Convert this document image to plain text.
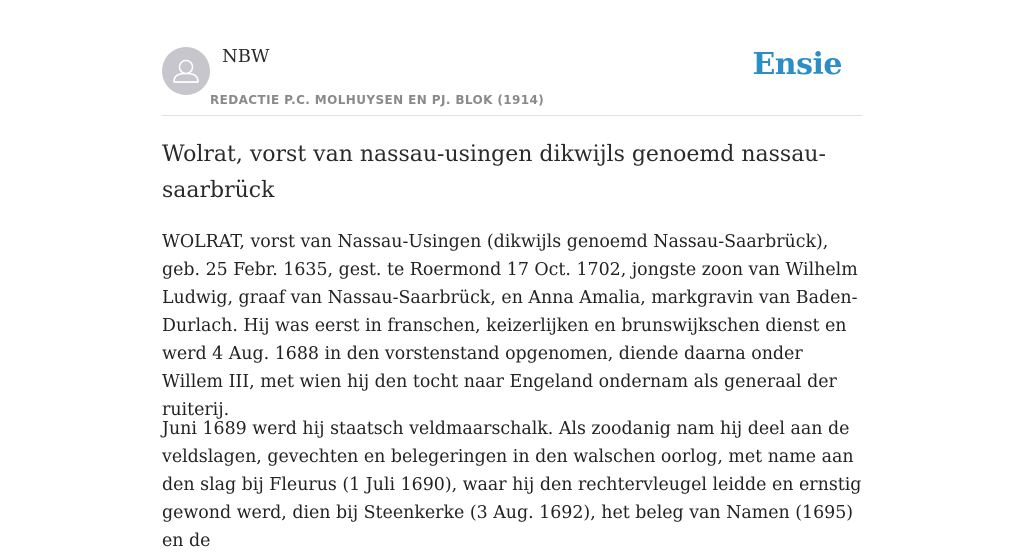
NBW
REDACTIE P.C. MOLHUYSEN EN PJ. BLOK (1914)
Ensie
Wolrat, vorst van nassau-usingen dikwijls genoemd nassau-saarbrück

WOLRAT, vorst van Nassau-Usingen (dikwijls genoemd Nassau-Saarbrück), geb. 25 Febr. 1635, gest. te Roermond 17 Oct. 1702, jongste zoon van Wilhelm Ludwig, graaf van Nassau-Saarbrück, en Anna Amalia, markgravin van Baden-Durlach. Hij was eerst in franschen, keizerlijken en brunswijkschen dienst en werd 4 Aug. 1688 in den vorstenstand opgenomen, diende daarna onder Willem III, met wien hij den tocht naar Engeland ondernam als generaal der ruiterij.

Juni 1689 werd hij staatsch veldmaarschalk. Als zoodanig nam hij deel aan de veldslagen, gevechten en belegeringen in den walschen oorlog, met name aan den slag bij Fleurus (1 Juli 1690), waar hij den rechtervleugel leidde en ernstig gewond werd, dien bij Steenkerke (3 Aug. 1692), het beleg van Namen (1695) en de
